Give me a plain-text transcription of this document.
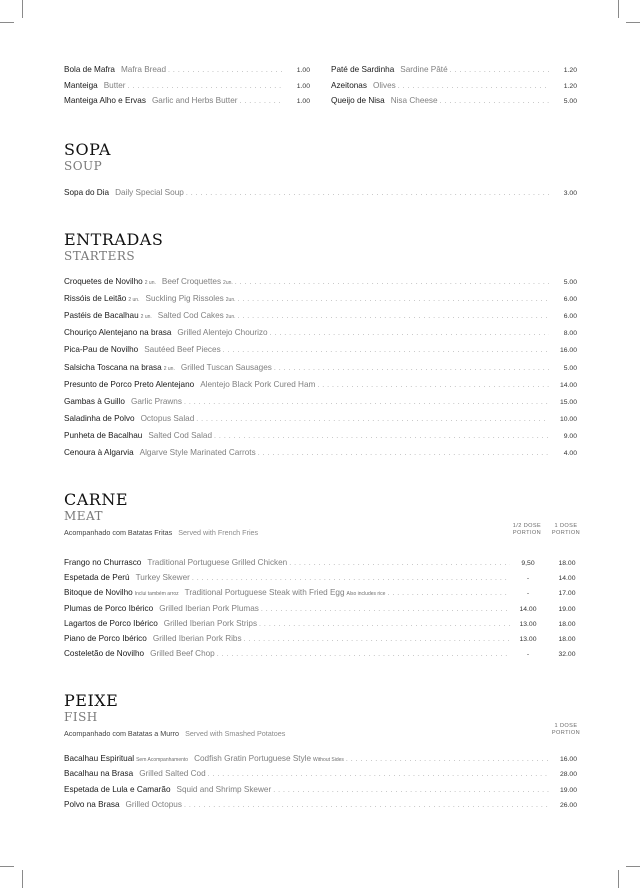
Bola de Mafra Mafra Bread . . .	1.00
Manteiga Butter . . .	1.00
Manteiga Alho e Ervas Garlic and Herbs Butter . . .	1.00
Paté de Sardinha Sardine Pâté . . .	1.20
Azeitonas Olives . . .	1.20
Queijo de Nisa Nisa Cheese . . .	5.00
SOPA
SOUP
Sopa do Dia Daily Special Soup . . .	3.00
ENTRADAS
STARTERS
Croquetes de Novilho 2 un. Beef Croquettes 2un. . . .	5.00
Rissóis de Leitão 2 un. Suckling Pig Rissoles 2un. . . .	6.00
Pastéis de Bacalhau 2 un. Salted Cod Cakes 2un. . . .	6.00
Chouriço Alentejano na brasa Grilled Alentejo Chourizo . . .	8.00
Pica-Pau de Novilho Sautéed Beef Pieces . . .	16.00
Salsicha Toscana na brasa 2 un. Grilled Tuscan Sausages . . .	5.00
Presunto de Porco Preto Alentejano Alentejo Black Pork Cured Ham . . .	14.00
Gambas à Guillo Garlic Prawns . . .	15.00
Saladinha de Polvo Octopus Salad . . .	10.00
Punheta de Bacalhau Salted Cod Salad . . .	9.00
Cenoura à Algarvia Algarve Style Marinated Carrots . . .	4.00
CARNE
MEAT
Acompanhado com Batatas Fritas Served with French Fries
1/2 DOSE
PORTION
1 DOSE
PORTION
Frango no Churrasco Traditional Portuguese Grilled Chicken . . .	9,50	18.00
Espetada de Perú Turkey Skewer . . .	-	14.00
Bitoque de Novilho Inclui também arroz Traditional Portuguese Steak with Fried Egg Also includes rice . . .	-	17.00
Plumas de Porco Ibérico Grilled Iberian Pork Plumas . . .	14.00	19.00
Lagartos de Porco Ibérico Grilled Iberian Pork Strips . . .	13.00	18.00
Piano de Porco Ibérico Grilled Iberian Pork Ribs . . .	13.00	18.00
Costeletão de Novilho Grilled Beef Chop . . .	-	32.00
PEIXE
FISH
Acompanhado com Batatas a Murro Served with Smashed Potatoes
1 DOSE
PORTION
Bacalhau Espiritual Sem Acompanhamento Codfish Gratin Portuguese Style Without Sides . . .	16.00
Bacalhau na Brasa Grilled Salted Cod . . .	28.00
Espetada de Lula e Camarão Squid and Shrimp Skewer . . .	19.00
Polvo na Brasa Grilled Octopus . . .	26.00
